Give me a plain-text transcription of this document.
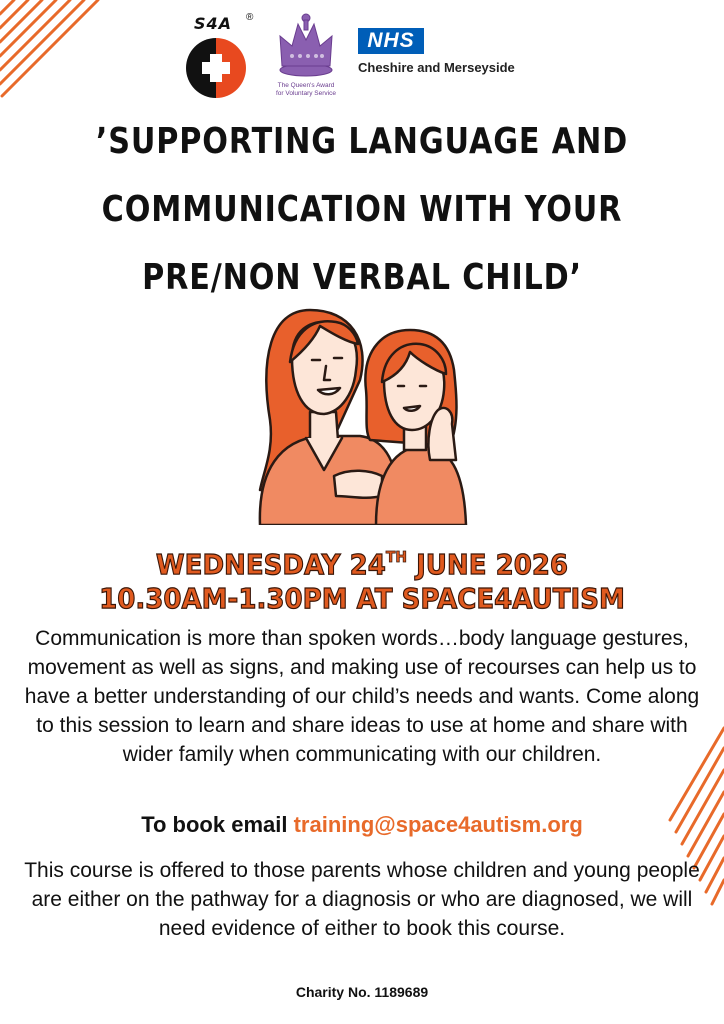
S4A ®
The Queen's Award
for Voluntary Service
NHS
Cheshire and Merseyside
’SUPPORTING LANGUAGE AND
COMMUNICATION WITH YOUR
PRE/NON VERBAL CHILD’
WEDNESDAY 24TH JUNE 2026
10.30AM-1.30PM AT SPACE4AUTISM
Communication is more than spoken words…body language gestures, movement as well as signs, and making use of recourses can help us to have a better understanding of our child’s needs and wants. Come along to this session to learn and share ideas to use at home and share with wider family when communicating with our children.
To book email training@space4autism.org
This course is offered to those parents whose children and young people are either on the pathway for a diagnosis or who are diagnosed, we will need evidence of either to book this course.
Charity No. 1189689
